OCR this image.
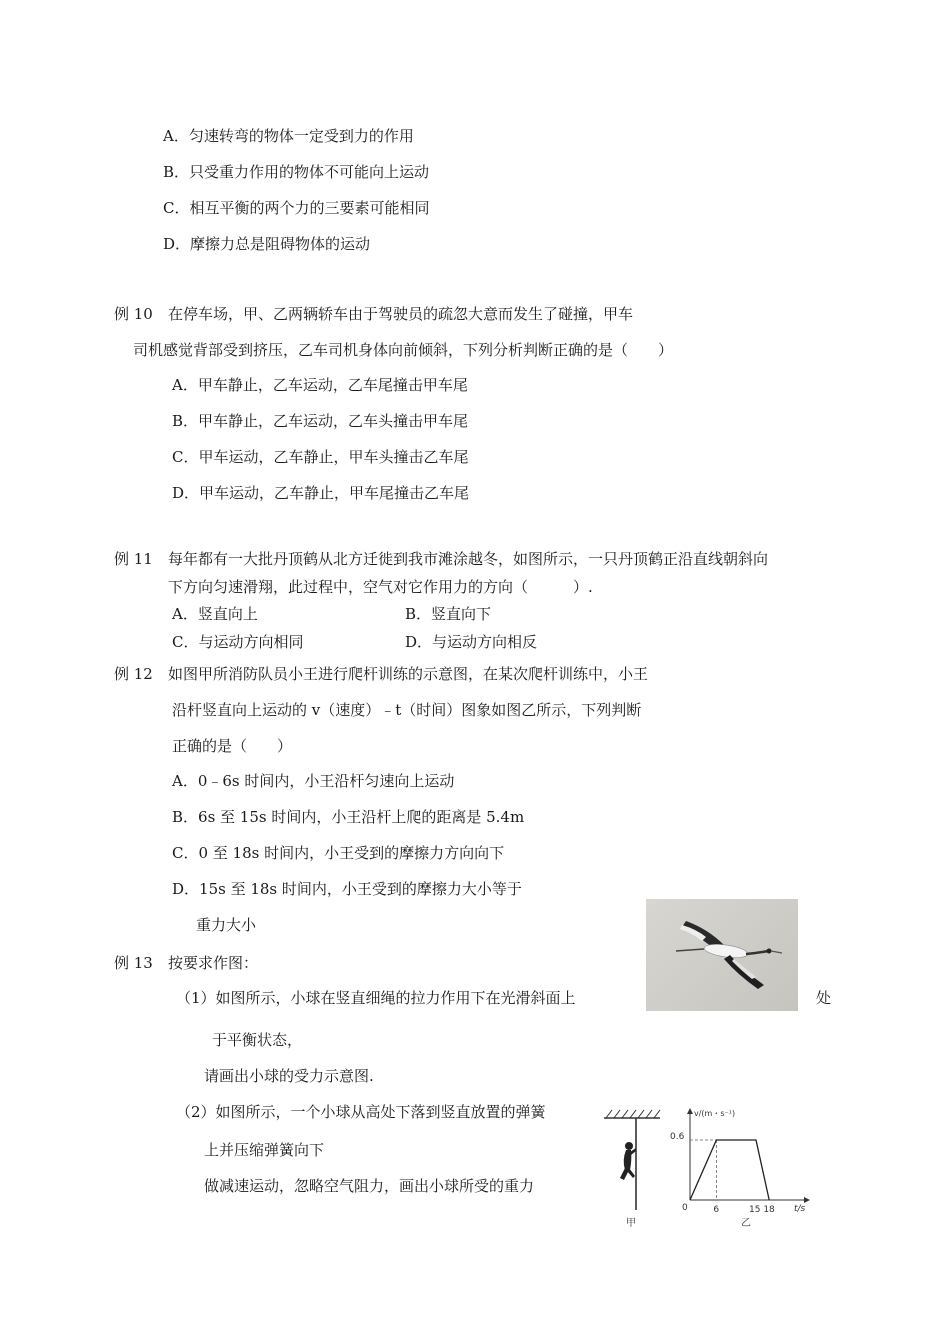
A．匀速转弯的物体一定受到力的作用
B．只受重力作用的物体不可能向上运动
C．相互平衡的两个力的三要素可能相同
D．摩擦力总是阻碍物体的运动
例 10 在停车场，甲、乙两辆轿车由于驾驶员的疏忽大意而发生了碰撞，甲车
司机感觉背部受到挤压，乙车司机身体向前倾斜，下列分析判断正确的是（　　）
A．甲车静止，乙车运动，乙车尾撞击甲车尾
B．甲车静止，乙车运动，乙车头撞击甲车尾
C．甲车运动，乙车静止，甲车头撞击乙车尾
D．甲车运动，乙车静止，甲车尾撞击乙车尾
例 11 每年都有一大批丹顶鹤从北方迁徙到我市滩涂越冬，如图所示，一只丹顶鹤正沿直线朝斜向
下方向匀速滑翔，此过程中，空气对它作用力的方向（　　　）.
A．竖直向上	B．竖直向下
C．与运动方向相同	D．与运动方向相反
例 12 如图甲所消防队员小王进行爬杆训练的示意图，在某次爬杆训练中，小王
沿杆竖直向上运动的 v（速度）﹣t（时间）图象如图乙所示，下列判断
正确的是（　　）
A．0﹣6s 时间内，小王沿杆匀速向上运动
B．6s 至 15s 时间内，小王沿杆上爬的距离是 5.4m
C．0 至 18s 时间内，小王受到的摩擦力方向向下
D．15s 至 18s 时间内，小王受到的摩擦力大小等于
重力大小
例 13 按要求作图：
（1）如图所示，小球在竖直细绳的拉力作用下在光滑斜面上	处
于平衡状态，
请画出小球的受力示意图.
（2）如图所示，一个小球从高处下落到竖直放置的弹簧
上并压缩弹簧向下
做减速运动，忽略空气阻力，画出小球所受的重力
甲
v/(m・s⁻¹)
0.6
0	6	15 18 t/s
乙
